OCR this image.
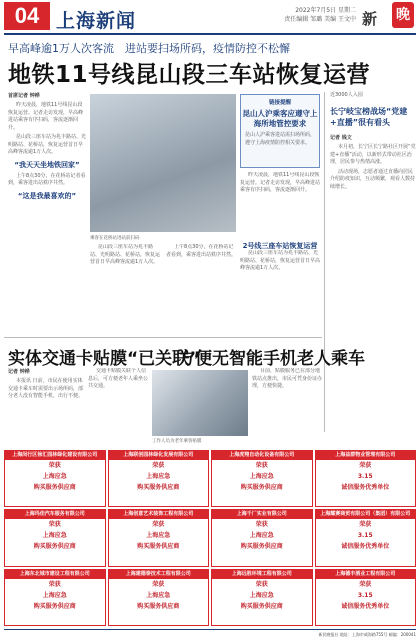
04 上海新闻	2022年7月5日 星期二
责任编辑 邹璐 美编 王文中 新 晚
早高峰逾1万人次客流　进站要扫场所码，疫情防控不松懈
地铁11号线昆山段三车站恢复运营
首席记者 钟桦

昨天凌晨，地铁11号线昆山段恢复运营。记者走访发现，早高峰进站乘客有序扫码，客流逐渐回升。

昆山段三座车站为兆丰路站、光明路站、花桥站，恢复运营首日早高峰客流逾1万人次。

“我天天坐地铁回家”

上午8点30分，在花桥站记者看到，乘客进出站秩序井然。

“这是我最喜欢的”
乘客在花桥站进站前扫码

昆山段三座车站为兆丰路站、光明路站、花桥站，恢复运营首日早高峰客流逾1万人次。

上午8点30分，在花桥站记者看到，乘客进出站秩序井然。

链接提醒
昆山人沪乘客应遵守上海所地管控要求
昆山人沪乘客进站需扫场所码，遵守上海疫情防控相关要求。

昨天凌晨，地铁11号线昆山段恢复运营。记者走访发现，早高峰进站乘客有序扫码，客流逐渐回升。

2号线三座车站恢复运营

昆山段三座车站为兆丰路站、光明路站、花桥站，恢复运营首日早高峰客流逾1万人次。

近3000人入园
长宁岐宝榜战场“党建+直播”很有看头
记者 钱文

本月初，长宁区长宁路社区开展“党建+直播”活动，以新形式带动社区治理，居民参与热情高涨。

活动现场，志愿者通过直播向居民介绍防疫知识，互动频繁，观看人数持续增长。

实体交通卡贴膜“已关联”
方便无智能手机老人乘车
记者 钟桦

本报讯 日前，市民在使用实体交通卡乘车时需要出示场所码，部分老人没有智能手机，出行不便。

交通卡贴膜关联个人信息后，可方便老年人乘坐公共交通。

工作人员为老年乘客贴膜

目前，贴膜服务已在部分地铁站点推出，市民可凭身份证办理，方便快捷。

上海闵行区徐汇园林绿化建设有限公司
荣获
上海应急
购买服务供应商
上海联创园林绿化发展有限公司
荣获
上海应急
购买服务供应商
上海虎翔自动化设备有限公司
荣获
上海应急
购买服务供应商
上海益群物业管理有限公司
荣获
3.15
诚信服务优秀单位
上海玛佳汽车服务有限公司
荣获
上海应急
购买服务供应商
上海创意艺术装饰工程有限公司
荣获
上海应急
购买服务供应商
上海千厂实业有限公司
荣获
上海应急
购买服务供应商
上海耀赛商贸有限公司（集团）有限公司
荣获
3.15
诚信服务优秀单位
上海东北城市建设工程有限公司
荣获
上海应急
购买服务供应商
上海建德泰技术工程有限公司
荣获
上海应急
购买服务供应商
上海远胜环境工程有限公司
荣获
上海应急
购买服务供应商
上海德丰酒业工程有限公司
荣获
3.15
诚信服务优秀单位
新民晚报社 地址：上海市威海路755号 邮编：200041
